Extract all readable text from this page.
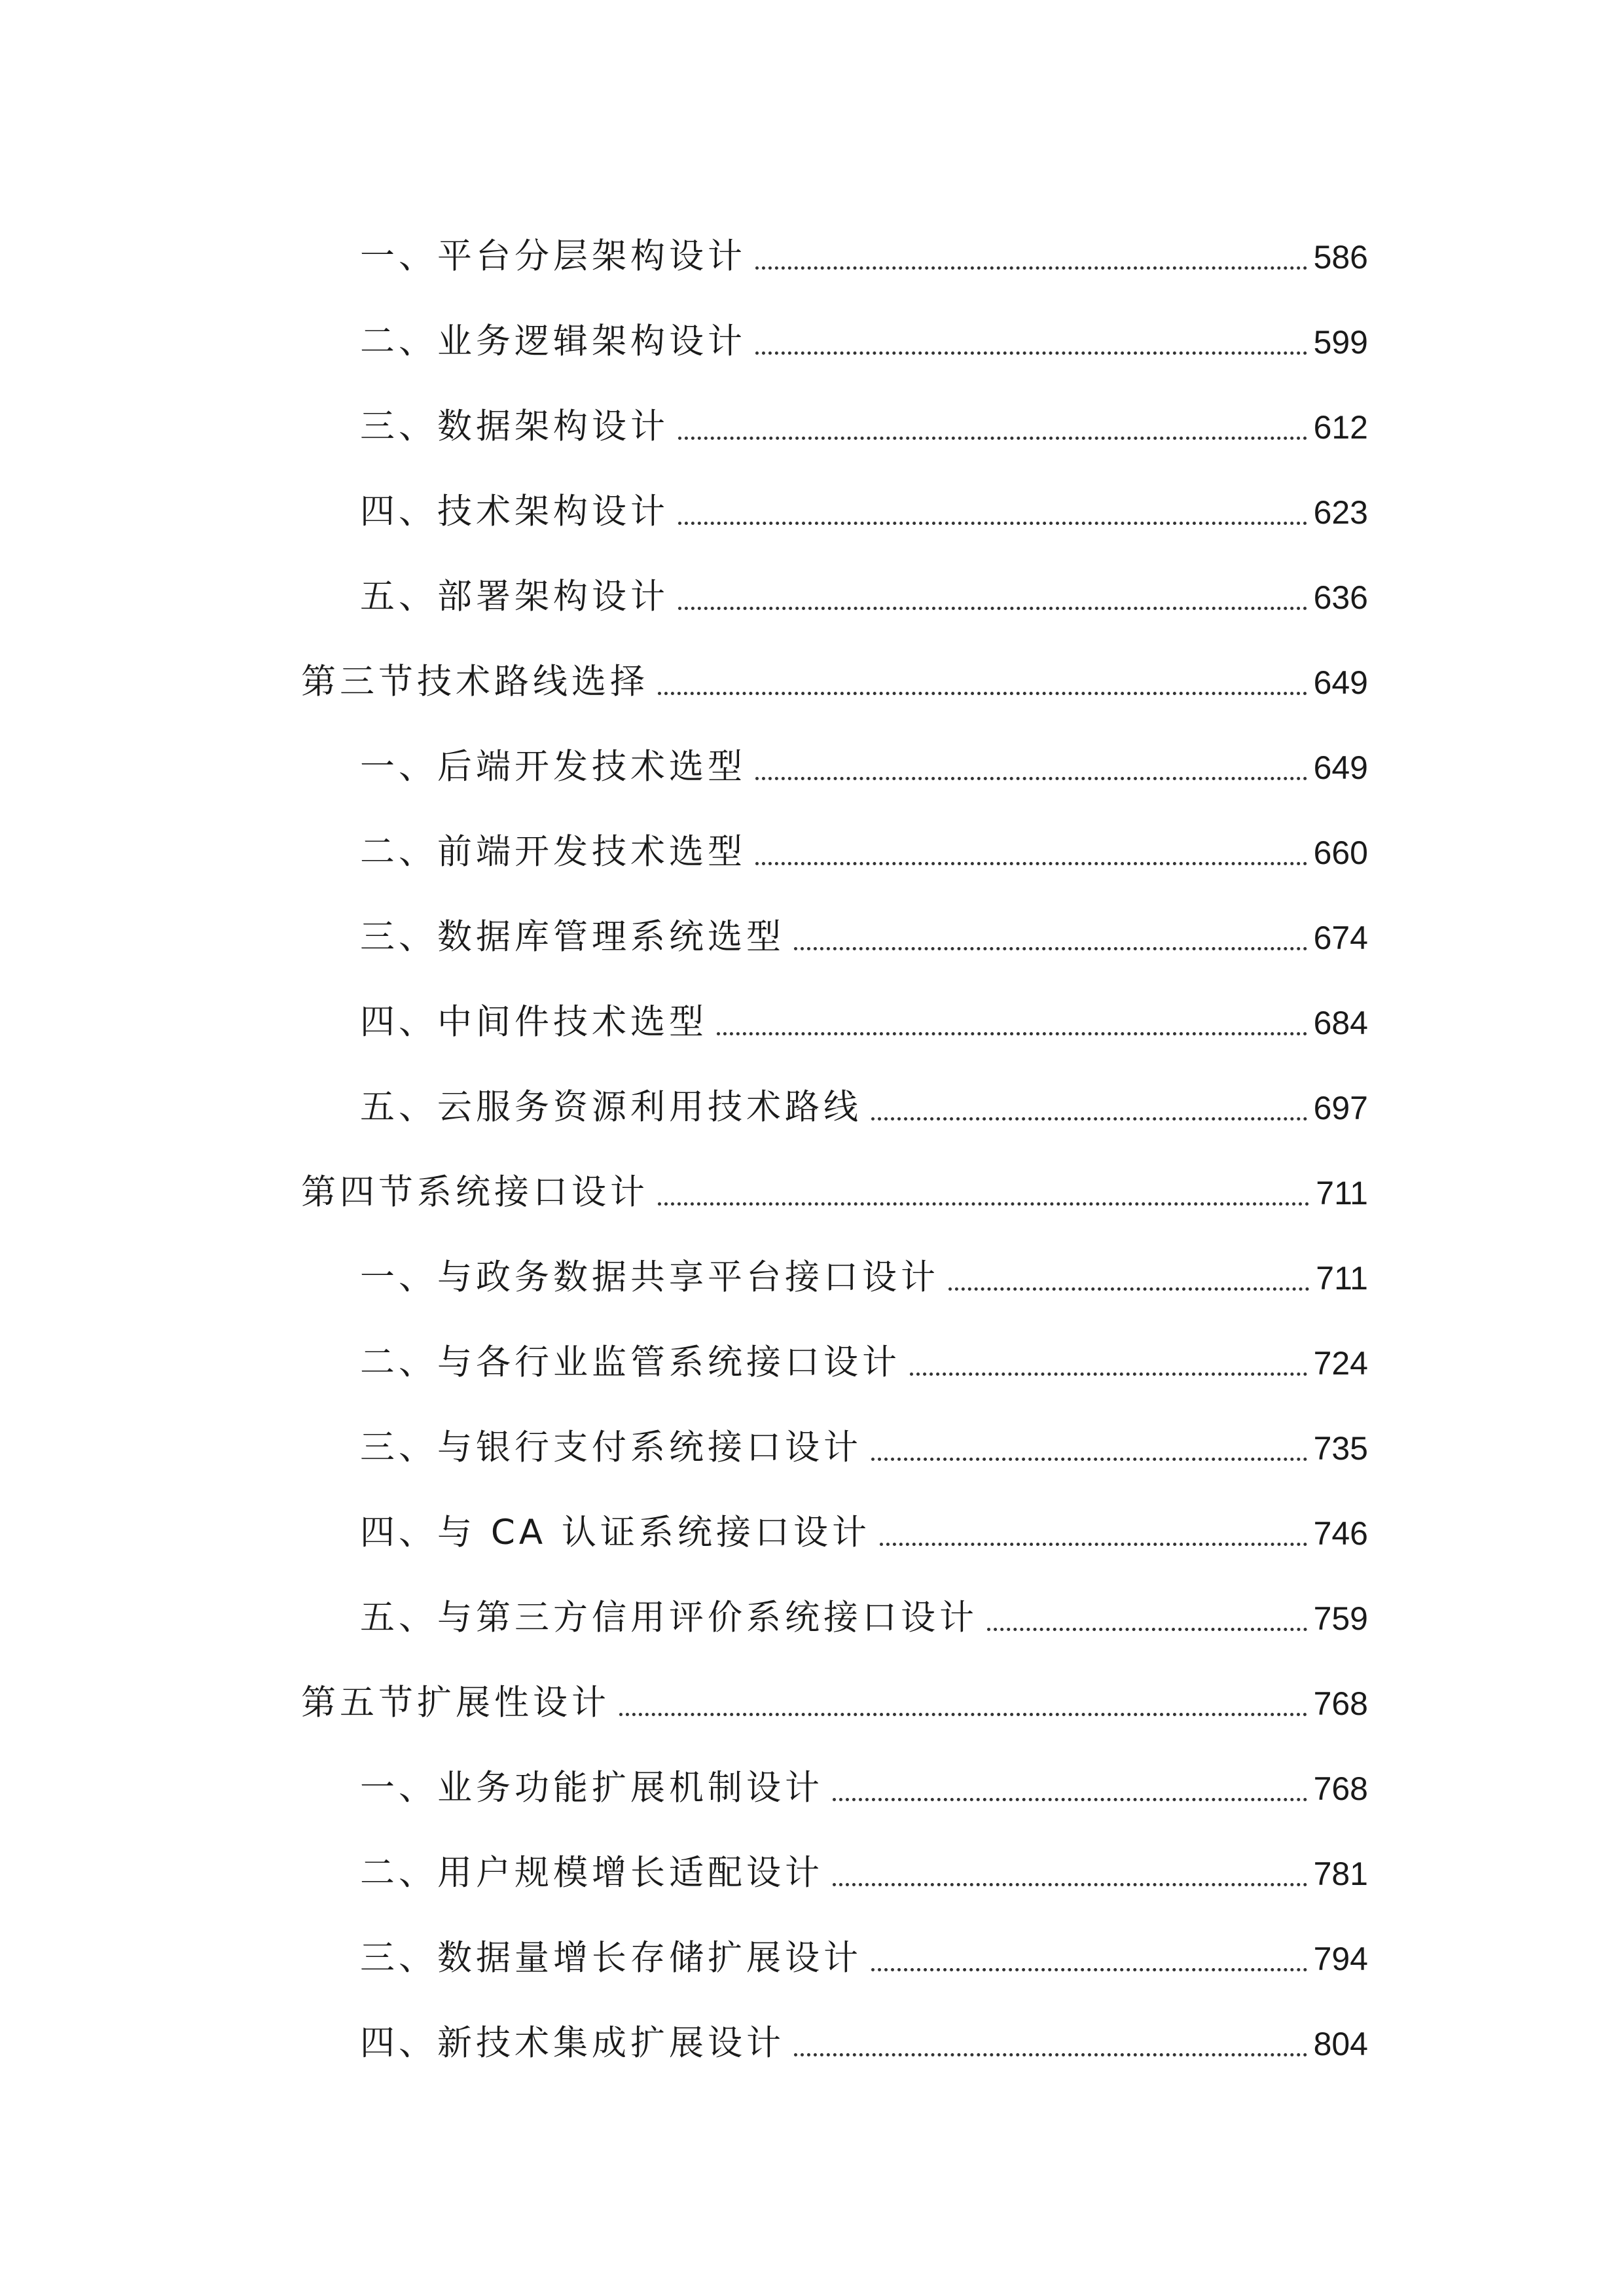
一、平台分层架构设计	586
二、业务逻辑架构设计	599
三、数据架构设计	612
四、技术架构设计	623
五、部署架构设计	636
第三节技术路线选择	649
一、后端开发技术选型	649
二、前端开发技术选型	660
三、数据库管理系统选型	674
四、中间件技术选型	684
五、云服务资源利用技术路线	697
第四节系统接口设计	711
一、与政务数据共享平台接口设计	711
二、与各行业监管系统接口设计	724
三、与银行支付系统接口设计	735
四、与 CA 认证系统接口设计	746
五、与第三方信用评价系统接口设计	759
第五节扩展性设计	768
一、业务功能扩展机制设计	768
二、用户规模增长适配设计	781
三、数据量增长存储扩展设计	794
四、新技术集成扩展设计	804
